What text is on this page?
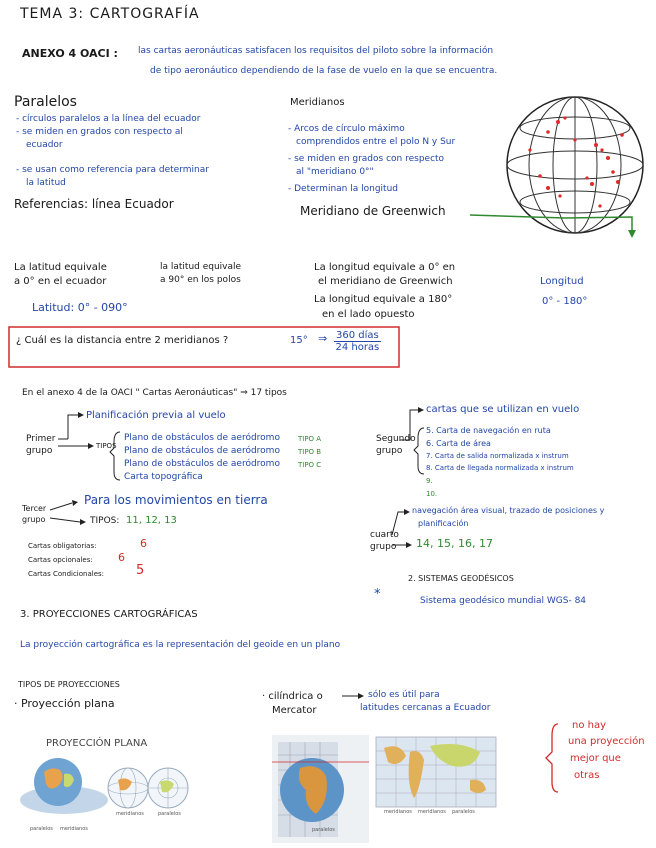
TEMA 3: CARTOGRAFÍA
ANEXO 4 OACI : las cartas aeronáuticas satisfacen los requisitos del piloto sobre la información
de tipo aeronáutico dependiendo de la fase de vuelo en la que se encuentra.
Paralelos
- círculos paralelos a la línea del ecuador
- se miden en grados con respecto al
ecuador
- se usan como referencia para determinar
la latitud
Referencias: línea Ecuador
Meridianos
- Arcos de círculo máximo
comprendidos entre el polo N y Sur
- se miden en grados con respecto
al "meridiano 0°"
- Determinan la longitud
Meridiano de Greenwich
La latitud equivale
a 0° en el ecuador
la latitud equivale
a 90° en los polos
Latitud: 0° - 090°
La longitud equivale a 0° en
el meridiano de Greenwich
La longitud equivale a 180°
en el lado opuesto
Longitud
0° - 180°
¿ Cuál es la distancia entre 2 meridianos ?	15° ⇒ 360 días
24 horas
En el anexo 4 de la OACI " Cartas Aeronáuticas" ⇒ 17 tipos
Primer
grupo
Planificación previa al vuelo
TIPOS
Plano de obstáculos de aeródromo	TIPO A
Plano de obstáculos de aeródromo	TIPO B
Plano de obstáculos de aeródromo	TIPO C
Carta topográfica
Segundo
grupo
cartas que se utilizan en vuelo
5. Carta de navegación en ruta
6. Carta de área
7. Carta de salida normalizada x instrum
8. Carta de llegada normalizada x instrum
9.
10.
Tercer
grupo
Para los movimientos en tierra
TIPOS: 11, 12, 13
cuarto
grupo
navegación área visual, trazado de posiciones y
planificación
14, 15, 16, 17
Cartas obligatorias:	6
Cartas opcionales: 6
Cartas Condicionales: 5
2. SISTEMAS GEODÉSICOS
*	Sistema geodésico mundial WGS- 84
3. PROYECCIONES CARTOGRÁFICAS
La proyección cartográfica es la representación del geoide en un plano
TIPOS DE PROYECCIONES
· Proyección plana
· cilíndrica o
Mercator
sólo es útil para
latitudes cercanas a Ecuador
no hay
una proyección
mejor que
otras
PROYECCIÓN PLANA
paralelos meridianos
meridianos	paralelos
paralelos
meridianos meridianos paralelos
